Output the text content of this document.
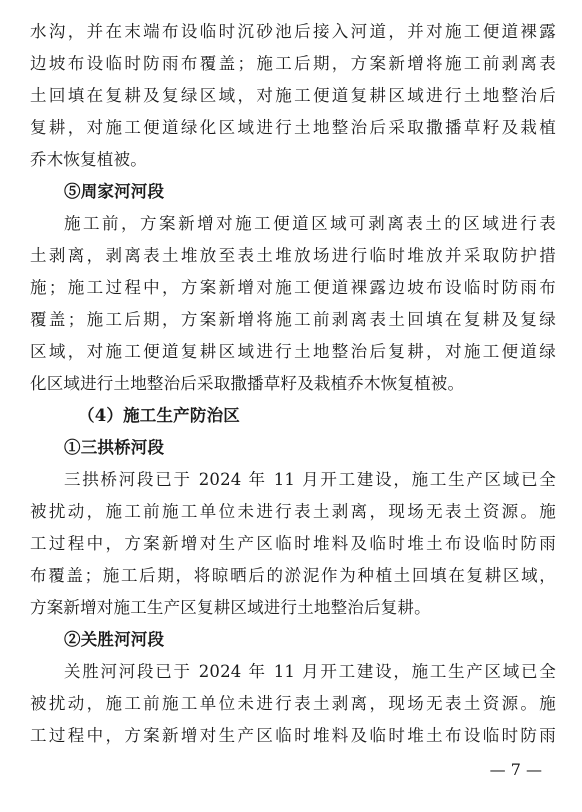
水沟，并在末端布设临时沉砂池后接入河道，并对施工便道裸露
边坡布设临时防雨布覆盖；施工后期，方案新增将施工前剥离表
土回填在复耕及复绿区域，对施工便道复耕区域进行土地整治后
复耕，对施工便道绿化区域进行土地整治后采取撒播草籽及栽植
乔木恢复植被。
⑤周家河河段
施工前，方案新增对施工便道区域可剥离表土的区域进行表
土剥离，剥离表土堆放至表土堆放场进行临时堆放并采取防护措
施；施工过程中，方案新增对施工便道裸露边坡布设临时防雨布
覆盖；施工后期，方案新增将施工前剥离表土回填在复耕及复绿
区域，对施工便道复耕区域进行土地整治后复耕，对施工便道绿
化区域进行土地整治后采取撒播草籽及栽植乔木恢复植被。
（4）施工生产防治区
①三拱桥河段
三拱桥河段已于 2024 年 11 月开工建设，施工生产区域已全
被扰动，施工前施工单位未进行表土剥离，现场无表土资源。施
工过程中，方案新增对生产区临时堆料及临时堆土布设临时防雨
布覆盖；施工后期，将晾晒后的淤泥作为种植土回填在复耕区域，
方案新增对施工生产区复耕区域进行土地整治后复耕。
②关胜河河段
关胜河河段已于 2024 年 11 月开工建设，施工生产区域已全
被扰动，施工前施工单位未进行表土剥离，现场无表土资源。施
工过程中，方案新增对生产区临时堆料及临时堆土布设临时防雨
— 7 —
